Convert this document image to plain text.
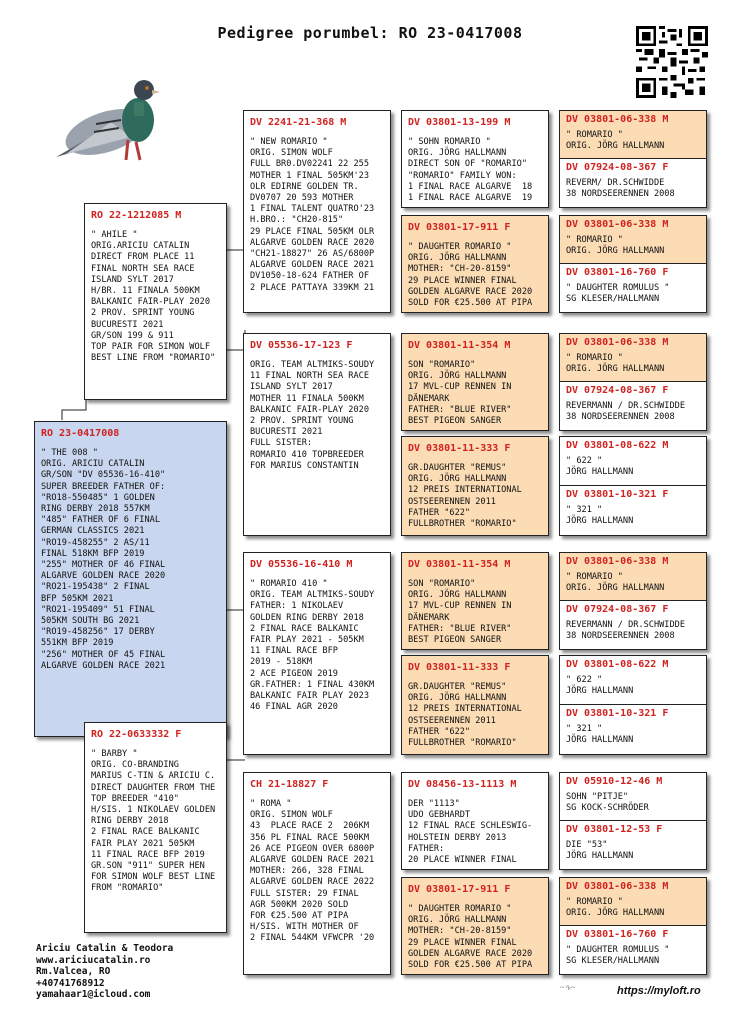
Pedigree porumbel: RO 23-0417008
RO 23-0417008
" THE 008 "
ORIG. ARICIU CATALIN
GR/SON "DV 05536-16-410"
SUPER BREEDER FATHER OF:
"RO18-550485" 1 GOLDEN
RING DERBY 2018 557KM
"485" FATHER OF 6 FINAL
GERMAN CLASSICS 2021
"RO19-458255" 2 AS/11
FINAL 518KM BFP 2019
"255" MOTHER OF 46 FINAL
ALGARVE GOLDEN RACE 2020
"RO21-195438" 2 FINAL
BFP 505KM 2021
"RO21-195409" 51 FINAL
505KM SOUTH BG 2021
"RO19-458256" 17 DERBY
551KM BFP 2019
"256" MOTHER OF 45 FINAL
ALGARVE GOLDEN RACE 2021
RO 22-1212085 M
" AHILE "
ORIG.ARICIU CATALIN
DIRECT FROM PLACE 11
FINAL NORTH SEA RACE
ISLAND SYLT 2017
H/BR. 11 FINALA 500KM
BALKANIC FAIR-PLAY 2020
2 PROV. SPRINT YOUNG
BUCURESTI 2021
GR/SON 199 & 911
TOP PAIR FOR SIMON WOLF
BEST LINE FROM "ROMARIO"
RO 22-0633332 F
" BARBY "
ORIG. CO-BRANDING
MARIUS C-TIN & ARICIU C.
DIRECT DAUGHTER FROM THE
TOP BREEDER "410"
H/SIS. 1 NIKOLAEV GOLDEN
RING DERBY 2018
2 FINAL RACE BALKANIC
FAIR PLAY 2021 505KM
11 FINAL RACE BFP 2019
GR.SON "911" SUPER HEN
FOR SIMON WOLF BEST LINE
FROM "ROMARIO"
DV 2241-21-368 M
" NEW ROMARIO "
ORIG. SIMON WOLF
FULL BR0.DV02241 22 255
MOTHER 1 FINAL 505KM'23
OLR EDIRNE GOLDEN TR.
DV0707 20 593 MOTHER
1 FINAL TALENT QUATRO'23
H.BRO.: "CH20-815"
29 PLACE FINAL 505KM OLR
ALGARVE GOLDEN RACE 2020
"CH21-18827" 26 AS/6800P
ALGARVE GOLDEN RACE 2021
DV1050-18-624 FATHER OF
2 PLACE PATTAYA 339KM 21
DV 05536-17-123 F
ORIG. TEAM ALTMIKS-SOUDY
11 FINAL NORTH SEA RACE
ISLAND SYLT 2017
MOTHER 11 FINALA 500KM
BALKANIC FAIR-PLAY 2020
2 PROV. SPRINT YOUNG
BUCURESTI 2021
FULL SISTER:
ROMARIO 410 TOPBREEDER
FOR MARIUS CONSTANTIN
DV 05536-16-410 M
" ROMARIO 410 "
ORIG. TEAM ALTMIKS-SOUDY
FATHER: 1 NIKOLAEV
GOLDEN RING DERBY 2018
2 FINAL RACE BALKANIC
FAIR PLAY 2021 - 505KM
11 FINAL RACE BFP
2019 - 518KM
2 ACE PIGEON 2019
GR.FATHER: 1 FINAL 430KM
BALKANIC FAIR PLAY 2023
46 FINAL AGR 2020
CH 21-18827 F
" ROMA "
ORIG. SIMON WOLF
43  PLACE RACE 2  206KM
356 PL FINAL RACE 500KM
26 ACE PIGEON OVER 6800P
ALGARVE GOLDEN RACE 2021
MOTHER: 266, 328 FINAL
ALGARVE GOLDEN RACE 2022
FULL SISTER: 29 FINAL
AGR 500KM 2020 SOLD
FOR €25.500 AT PIPA
H/SIS. WITH MOTHER OF
2 FINAL 544KM VFWCPR '20
DV 03801-13-199 M
" SOHN ROMARIO "
ORIG. JÖRG HALLMANN
DIRECT SON OF "ROMARIO"
"ROMARIO" FAMILY WON:
1 FINAL RACE ALGARVE  18
1 FINAL RACE ALGARVE  19
DV 03801-17-911 F
" DAUGHTER ROMARIO "
ORIG. JÖRG HALLMANN
MOTHER: "CH-20-8159"
29 PLACE WINNER FINAL
GOLDEN ALGARVE RACE 2020
SOLD FOR €25.500 AT PIPA
DV 03801-11-354 M
SON "ROMARIO"
ORIG. JÖRG HALLMANN
17 MVL-CUP RENNEN IN
DÄNEMARK
FATHER: "BLUE RIVER"
BEST PIGEON SANGER
DV 03801-11-333 F
GR.DAUGHTER "REMUS"
ORIG. JÖRG HALLMANN
12 PREIS INTERNATIONAL
OSTSEERENNEN 2011
FATHER "622"
FULLBROTHER "ROMARIO"
DV 03801-11-354 M
SON "ROMARIO"
ORIG. JÖRG HALLMANN
17 MVL-CUP RENNEN IN
DÄNEMARK
FATHER: "BLUE RIVER"
BEST PIGEON SANGER
DV 03801-11-333 F
GR.DAUGHTER "REMUS"
ORIG. JÖRG HALLMANN
12 PREIS INTERNATIONAL
OSTSEERENNEN 2011
FATHER "622"
FULLBROTHER "ROMARIO"
DV 08456-13-1113 M
DER "1113"
UDO GEBHARDT
12 FINAL RACE SCHLESWIG-
HOLSTEIN DERBY 2013
FATHER:
20 PLACE WINNER FINAL
DV 03801-17-911 F
" DAUGHTER ROMARIO "
ORIG. JÖRG HALLMANN
MOTHER: "CH-20-8159"
29 PLACE WINNER FINAL
GOLDEN ALGARVE RACE 2020
SOLD FOR €25.500 AT PIPA
DV 03801-06-338 M
" ROMARIO "
ORIG. JÖRG HALLMANN
DV 07924-08-367 F
REVERM/ DR.SCHWIDDE
38 NORDSEERENNEN 2008
DV 03801-06-338 M
" ROMARIO "
ORIG. JÖRG HALLMANN
DV 03801-16-760 F
" DAUGHTER ROMULUS "
SG KLESER/HALLMANN
DV 03801-06-338 M
" ROMARIO "
ORIG. JÖRG HALLMANN
DV 07924-08-367 F
REVERMANN / DR.SCHWIDDE
38 NORDSEERENNEN 2008
DV 03801-08-622 M
" 622 "
JÖRG HALLMANN
DV 03801-10-321 F
" 321 "
JÖRG HALLMANN
DV 03801-06-338 M
" ROMARIO "
ORIG. JÖRG HALLMANN
DV 07924-08-367 F
REVERMANN / DR.SCHWIDDE
38 NORDSEERENNEN 2008
DV 03801-08-622 M
" 622 "
JÖRG HALLMANN
DV 03801-10-321 F
" 321 "
JÖRG HALLMANN
DV 05910-12-46 M
SOHN "PITJE"
SG KOCK-SCHRÖDER
DV 03801-12-53 F
DIE "53"
JÖRG HALLMANN
DV 03801-06-338 M
" ROMARIO "
ORIG. JÖRG HALLMANN
DV 03801-16-760 F
" DAUGHTER ROMULUS "
SG KLESER/HALLMANN
Ariciu Catalin & Teodora
www.ariciucatalin.ro
Rm.Valcea, RO
+40741768912
yamahaar1@icloud.com
~∿~	https://myloft.ro
